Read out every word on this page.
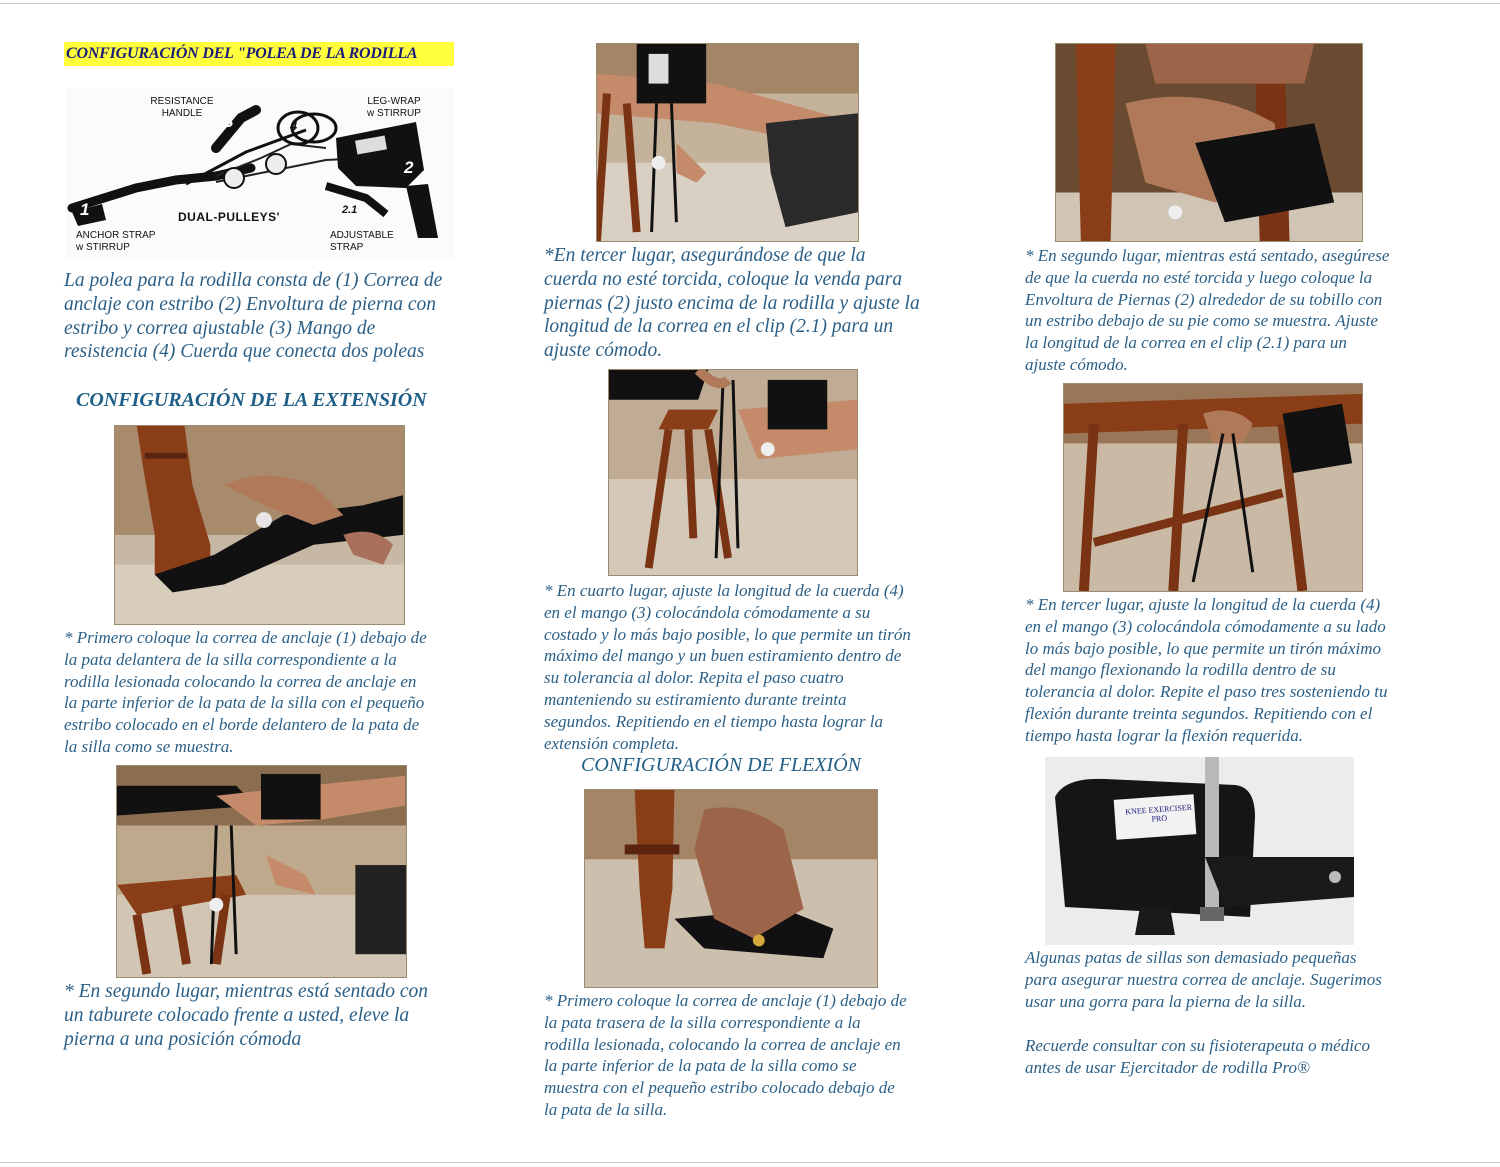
CONFIGURACIÓN DEL "POLEA DE LA RODILLA
RESISTANCE
HANDLE
LEG-WRAP
w STIRRUP
DUAL-PULLEYS'
ANCHOR STRAP
w STIRRUP
ADJUSTABLE
STRAP
1
2
3	4
2.1
La polea para la rodilla consta de (1) Correa de
anclaje con estribo (2) Envoltura de pierna con
estribo y correa ajustable (3) Mango de
resistencia (4) Cuerda que conecta dos poleas
CONFIGURACIÓN DE LA EXTENSIÓN
* Primero coloque la correa de anclaje (1) debajo de
la pata delantera de la silla correspondiente a la
rodilla lesionada colocando la correa de anclaje en
la parte inferior de la pata de la silla con el pequeño
estribo colocado en el borde delantero de la pata de
la silla como se muestra.
* En segundo lugar, mientras está sentado con
un taburete colocado frente a usted, eleve la
pierna a una posición cómoda
*En tercer lugar, asegurándose de que la
cuerda no esté torcida, coloque la venda para
piernas (2) justo encima de la rodilla y ajuste la
longitud de la correa en el clip (2.1) para un
ajuste cómodo.
* En cuarto lugar, ajuste la longitud de la cuerda (4)
en el mango (3) colocándola cómodamente a su
costado y lo más bajo posible, lo que permite un tirón
máximo del mango y un buen estiramiento dentro de
su tolerancia al dolor. Repita el paso cuatro
manteniendo su estiramiento durante treinta
segundos. Repitiendo en el tiempo hasta lograr la
extensión completa.
CONFIGURACIÓN DE FLEXIÓN
* Primero coloque la correa de anclaje (1) debajo de
la pata trasera de la silla correspondiente a la
rodilla lesionada, colocando la correa de anclaje en
la parte inferior de la pata de la silla como se
muestra con el pequeño estribo colocado debajo de
la pata de la silla.
* En segundo lugar, mientras está sentado, asegúrese
de que la cuerda no esté torcida y luego coloque la
Envoltura de Piernas (2) alrededor de su tobillo con
un estribo debajo de su pie como se muestra. Ajuste
la longitud de la correa en el clip (2.1) para un
ajuste cómodo.
* En tercer lugar, ajuste la longitud de la cuerda (4)
en el mango (3) colocándola cómodamente a su lado
lo más bajo posible, lo que permite un tirón máximo
del mango flexionando la rodilla dentro de su
tolerancia al dolor. Repite el paso tres sosteniendo tu
flexión durante treinta segundos. Repitiendo con el
tiempo hasta lograr la flexión requerida.
KNEE EXERCISER PRO
Algunas patas de sillas son demasiado pequeñas
para asegurar nuestra correa de anclaje. Sugerimos
usar una gorra para la pierna de la silla.
Recuerde consultar con su fisioterapeuta o médico
antes de usar Ejercitador de rodilla Pro®
